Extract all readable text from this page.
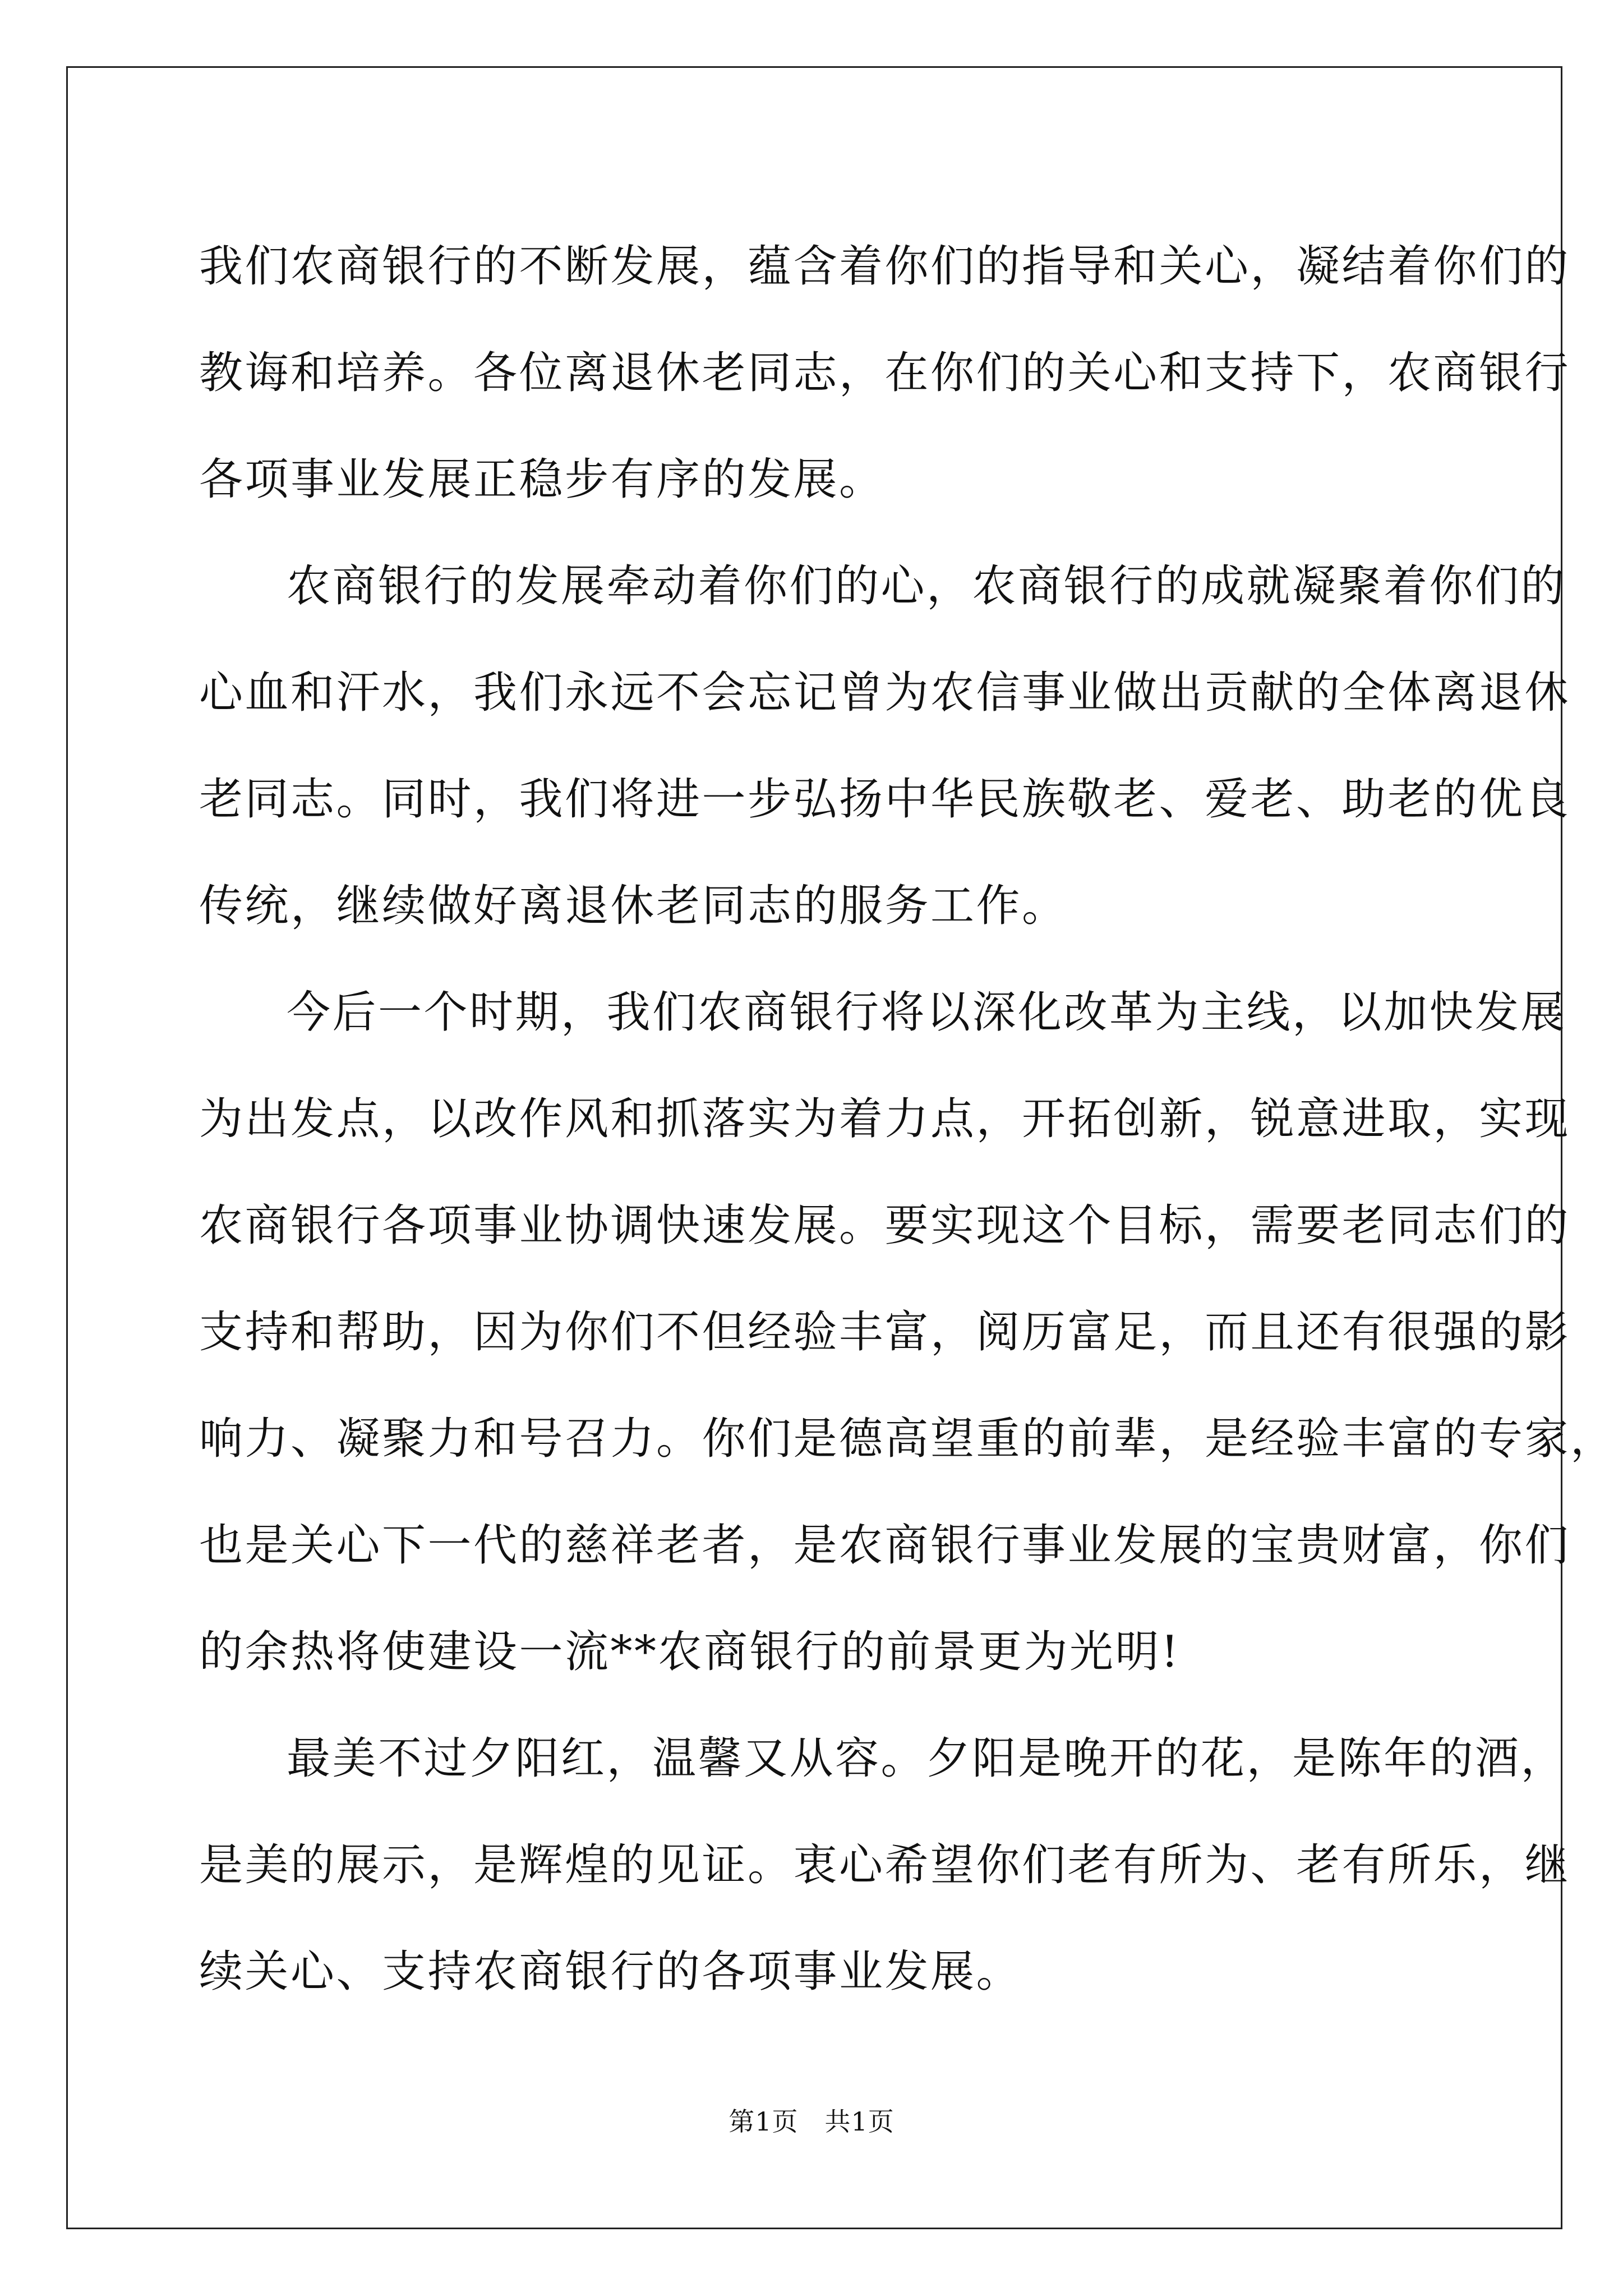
我们农商银行的不断发展，蕴含着你们的指导和关心，凝结着你们的
教诲和培养。各位离退休老同志，在你们的关心和支持下，农商银行
各项事业发展正稳步有序的发展。
农商银行的发展牵动着你们的心，农商银行的成就凝聚着你们的
心血和汗水，我们永远不会忘记曾为农信事业做出贡献的全体离退休
老同志。同时，我们将进一步弘扬中华民族敬老、爱老、助老的优良
传统，继续做好离退休老同志的服务工作。
今后一个时期，我们农商银行将以深化改革为主线，以加快发展
为出发点，以改作风和抓落实为着力点，开拓创新，锐意进取，实现
农商银行各项事业协调快速发展。要实现这个目标，需要老同志们的
支持和帮助，因为你们不但经验丰富，阅历富足，而且还有很强的影
响力、凝聚力和号召力。你们是德高望重的前辈，是经验丰富的专家，
也是关心下一代的慈祥老者，是农商银行事业发展的宝贵财富，你们
的余热将使建设一流**农商银行的前景更为光明!
最美不过夕阳红，温馨又从容。夕阳是晚开的花，是陈年的酒，
是美的展示，是辉煌的见证。衷心希望你们老有所为、老有所乐，继
续关心、支持农商银行的各项事业发展。
第1页　共1页
